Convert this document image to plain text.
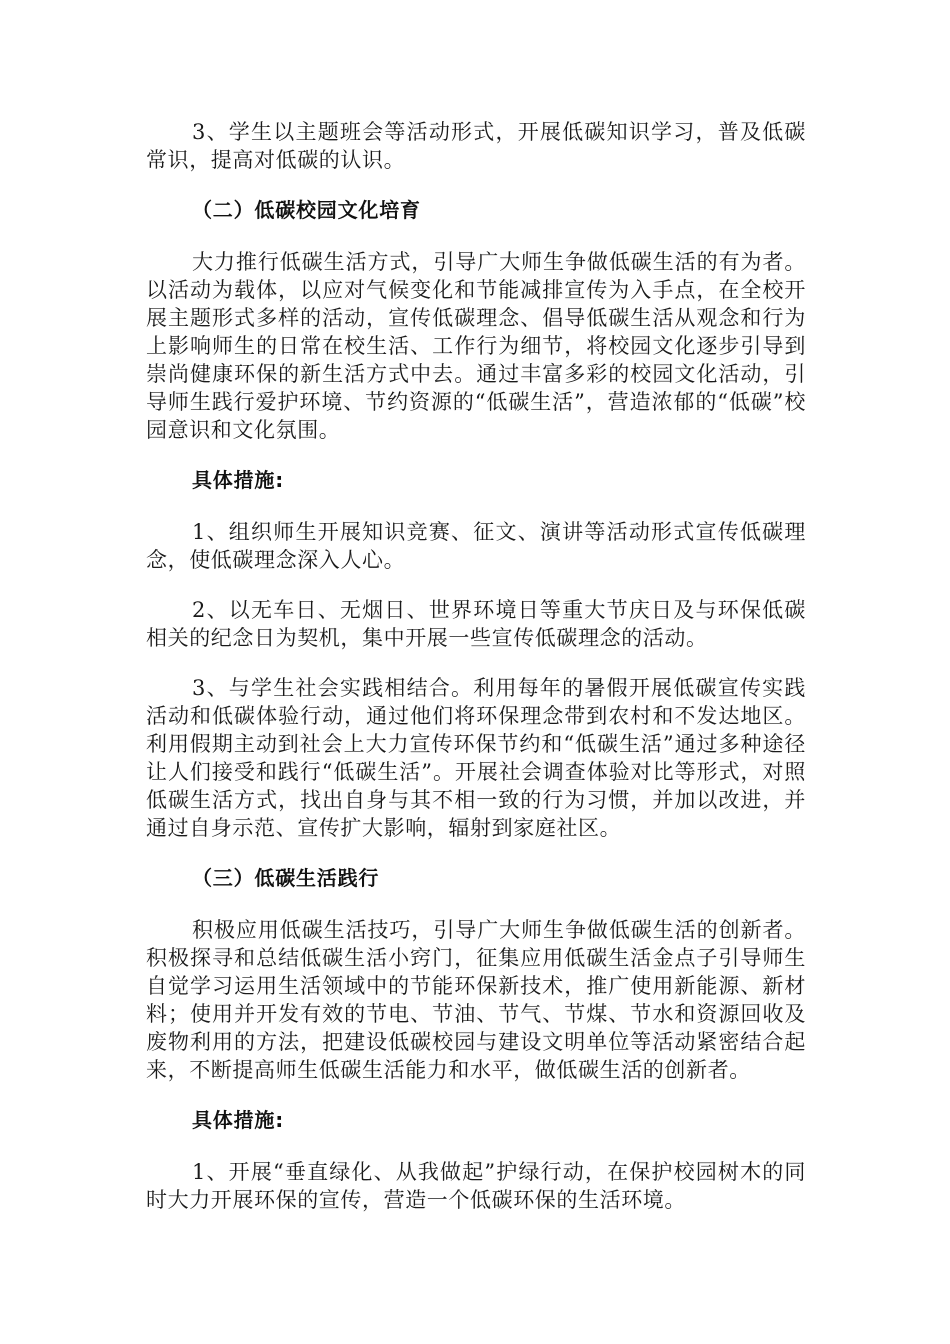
3、学生以主题班会等活动形式，开展低碳知识学习，普及低碳常识，提高对低碳的认识。

（二）低碳校园文化培育

大力推行低碳生活方式，引导广大师生争做低碳生活的有为者。以活动为载体，以应对气候变化和节能减排宣传为入手点，在全校开展主题形式多样的活动，宣传低碳理念、倡导低碳生活从观念和行为上影响师生的日常在校生活、工作行为细节，将校园文化逐步引导到崇尚健康环保的新生活方式中去。通过丰富多彩的校园文化活动，引导师生践行爱护环境、节约资源的“低碳生活”，营造浓郁的“低碳”校园意识和文化氛围。

具体措施:

1、组织师生开展知识竞赛、征文、演讲等活动形式宣传低碳理念，使低碳理念深入人心。

2、以无车日、无烟日、世界环境日等重大节庆日及与环保低碳相关的纪念日为契机，集中开展一些宣传低碳理念的活动。

3、与学生社会实践相结合。利用每年的暑假开展低碳宣传实践活动和低碳体验行动，通过他们将环保理念带到农村和不发达地区。利用假期主动到社会上大力宣传环保节约和“低碳生活”通过多种途径让人们接受和践行“低碳生活”。开展社会调查体验对比等形式，对照低碳生活方式，找出自身与其不相一致的行为习惯，并加以改进，并通过自身示范、宣传扩大影响，辐射到家庭社区。

（三）低碳生活践行

积极应用低碳生活技巧，引导广大师生争做低碳生活的创新者。积极探寻和总结低碳生活小窍门，征集应用低碳生活金点子引导师生自觉学习运用生活领域中的节能环保新技术，推广使用新能源、新材料；使用并开发有效的节电、节油、节气、节煤、节水和资源回收及废物利用的方法，把建设低碳校园与建设文明单位等活动紧密结合起来，不断提高师生低碳生活能力和水平，做低碳生活的创新者。

具体措施:

1、开展“垂直绿化、从我做起”护绿行动，在保护校园树木的同时大力开展环保的宣传，营造一个低碳环保的生活环境。
